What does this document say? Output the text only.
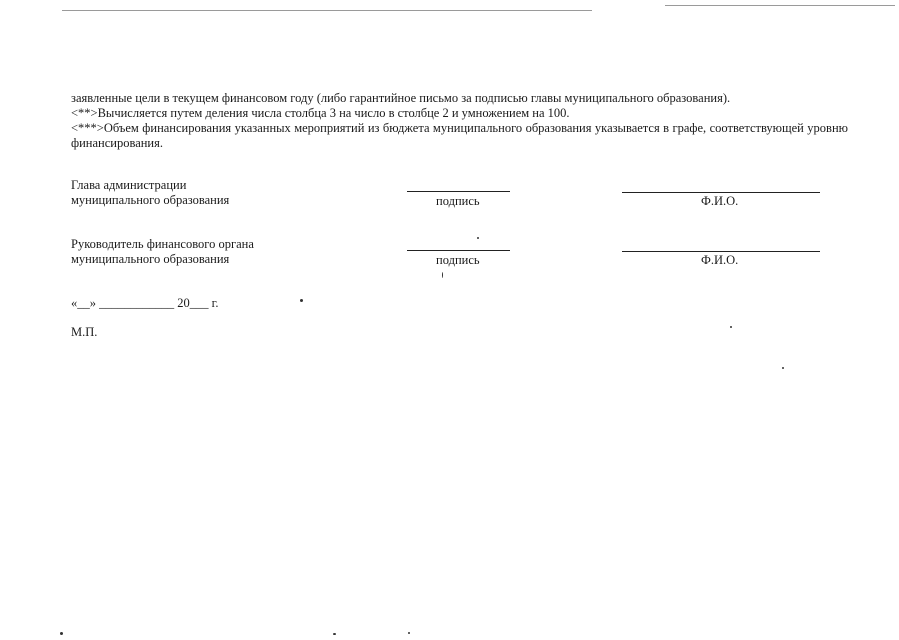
заявленные цели в текущем финансовом году (либо гарантийное письмо за подписью главы муниципального образования).
<**>Вычисляется путем деления числа столбца 3 на число в столбце 2 и умножением на 100.
<***>Объем финансирования указанных мероприятий из бюджета муниципального образования указывается в графе, соответствующей уровню финансирования.
Глава администрации
муниципального образования	подпись	Ф.И.О.
Руководитель финансового органа
муниципального образования	подпись	Ф.И.О.
«__» ____________ 20___ г.
М.П.
